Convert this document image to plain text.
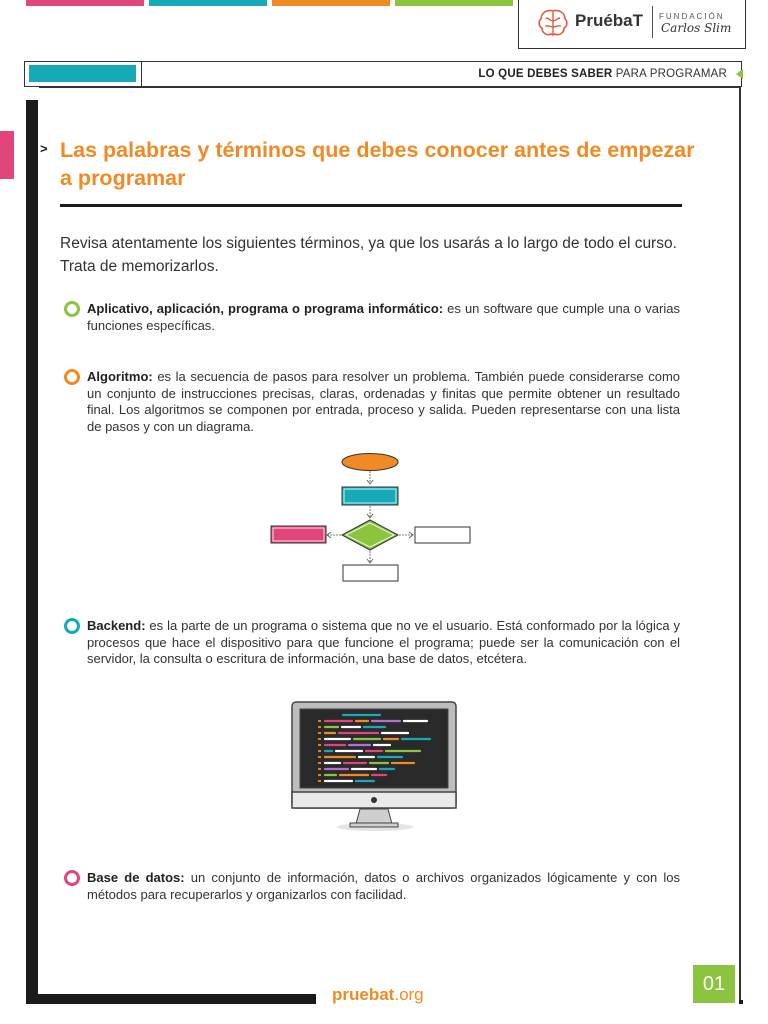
PruébaT FUNDACIÓN
Carlos Slim
LO QUE DEBES SABER PARA PROGRAMAR
> Las palabras y términos que debes conocer antes de empezar a programar
Revisa atentamente los siguientes términos, ya que los usarás a lo largo de todo el curso. Trata de memorizarlos.
Aplicativo, aplicación, programa o programa informático: es un software que cumple una o varias funciones específicas.
Algoritmo: es la secuencia de pasos para resolver un problema. También puede considerarse como un conjunto de instrucciones precisas, claras, ordenadas y finitas que permite obtener un resultado final. Los algoritmos se componen por entrada, proceso y salida. Pueden representarse con una lista de pasos y con un diagrama.
Backend: es la parte de un programa o sistema que no ve el usuario. Está conformado por la lógica y procesos que hace el dispositivo para que funcione el programa; puede ser la comunicación con el servidor, la consulta o escritura de información, una base de datos, etcétera.
Base de datos: un conjunto de información, datos o archivos organizados lógicamente y con los métodos para recuperarlos y organizarlos con facilidad.
pruebat.org	01
